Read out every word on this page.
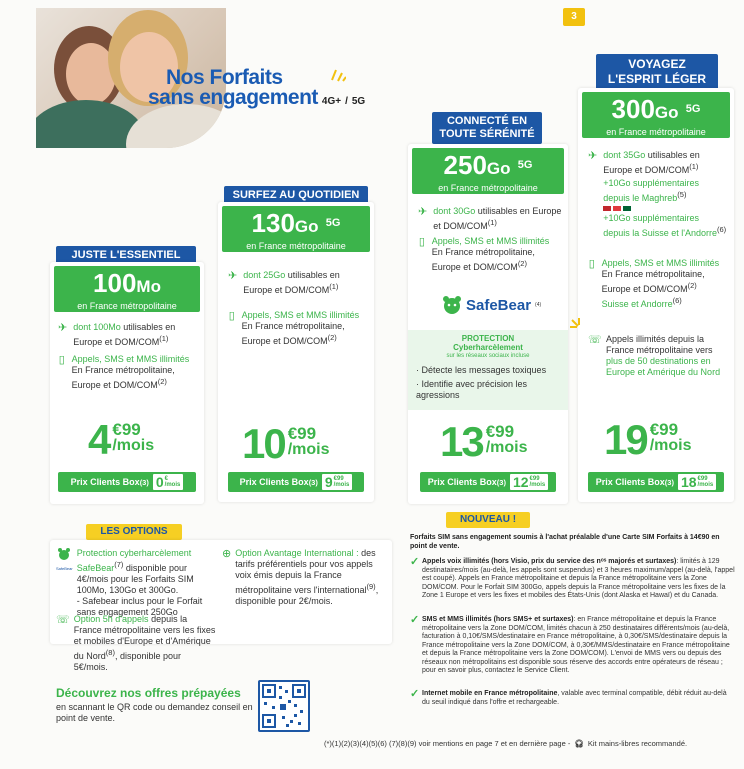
3
Nos Forfaits
sans engagement 4G+ / 5G
JUSTE L'ESSENTIEL
100Mo
en France métropolitaine
✈ dont 100Mo utilisables en Europe et DOM/COM$^{(1)}$
▯ Appels, SMS et MMS illimités
En France métropolitaine, Europe et DOM/COM$^{(2)}$
4 €99
/mois
Prix Clients Box (3) 0 €
/mois
SURFEZ AU QUOTIDIEN
130Go $^{5G}$
en France métropolitaine
✈ dont 25Go utilisables en Europe et DOM/COM$^{(1)}$
▯ Appels, SMS et MMS illimités
En France métropolitaine, Europe et DOM/COM$^{(2)}$
10 €99
/mois
Prix Clients Box (3) 9 €99
/mois
CONNECTÉ EN
TOUTE SÉRÉNITÉ
250Go $^{5G}$
en France métropolitaine
✈ dont 30Go utilisables en Europe et DOM/COM$^{(1)}$
▯ Appels, SMS et MMS illimités
En France métropolitaine, Europe et DOM/COM$^{(2)}$
SafeBear (4)
PROTECTION
Cyberharcèlement
sur les réseaux sociaux incluse
· Détecte les messages toxiques
· Identifie avec précision les agressions
13 €99
/mois
Prix Clients Box (3) 12 €99
/mois
NOUVEAU !
VOYAGEZ
L'ESPRIT LÉGER
300Go $^{5G}$
en France métropolitaine
✈ dont 35Go utilisables en Europe et DOM/$COM^{(1)}$
+10Go supplémentaires depuis le Maghreb$^{(5)}$
+10Go supplémentaires depuis la Suisse et l'Andorre$^{(6)}$
▯ Appels, SMS et MMS illimités
En France métropolitaine, Europe et DOM/COM$^{(2)}$
Suisse et Andorre$^{(6)}$
☏ Appels illimités depuis la France métropolitaine vers plus de 50 destinations en Europe et Amérique du Nord
19 €99
/mois
Prix Clients Box (3) 18 €99
/mois
LES OPTIONS
SafeBear
Protection cyberharcèlement SafeBear$^{(7)}$ disponible pour 4€/mois pour les Forfaits SIM 100Mo, 130Go et 300Go.
- Safebear inclus pour le Forfait sans engagement 250Go
☏ Option 5h d'appels depuis la France métropolitaine vers les fixes et mobiles d'Europe et d'Amérique du Nord$^{(8)}$, disponible pour 5€/mois.
⊕ Option Avantage International : des tarifs préférentiels pour vos appels voix émis depuis la France métropolitaine vers l'international$^{(9)}$, disponible pour 2€/mois.
Découvrez nos offres prépayées
en scannant le QR code ou demandez conseil en point de vente.
Forfaits SIM sans engagement soumis à l'achat préalable d'une Carte SIM Forfaits à 14€90 en point de vente.
✓ Appels voix illimités (hors Visio, prix du service des nᵒˢ majorés et surtaxes): limités à 129 destinataires/mois (au-delà, les appels sont suspendus) et 3 heures maximum/appel (au-delà, l'appel est coupé). Appels en France métropolitaine et depuis la France métropolitaine vers la Zone DOM/COM. Pour le Forfait SIM 300Go, appels depuis la France métropolitaine vers les fixes de la Zone 1 Europe et vers les fixes et mobiles des États-Unis (dont Alaska et Hawaï) et du Canada.
✓ SMS et MMS illimités (hors SMS+ et surtaxes): en France métropolitaine et depuis la France métropolitaine vers la Zone DOM/COM, limités chacun à 250 destinataires différents/mois (au-delà, facturation à 0,10€/SMS/destinataire en France métropolitaine, à 0,30€/SMS/destinataire depuis la France métropolitaine vers la Zone DOM/COM, à 0,30€/MMS/destinataire en France métropolitaine et depuis la France métropolitaine vers la Zone DOM/COM). L'envoi de MMS vers ou depuis des réseaux non métropolitains est disponible sous réserve des accords entre opérateurs de réseau ; pour en savoir plus, contactez le Service Client.
✓ Internet mobile en France métropolitaine, valable avec terminal compatible, débit réduit au-delà du seuil indiqué dans l'offre et rechargeable.
(*)(1)(2)(3)(4)(5)(6) (7)(8)(9) voir mentions en page 7 et en dernière page - 🎧︎ Kit mains-libres recommandé.
